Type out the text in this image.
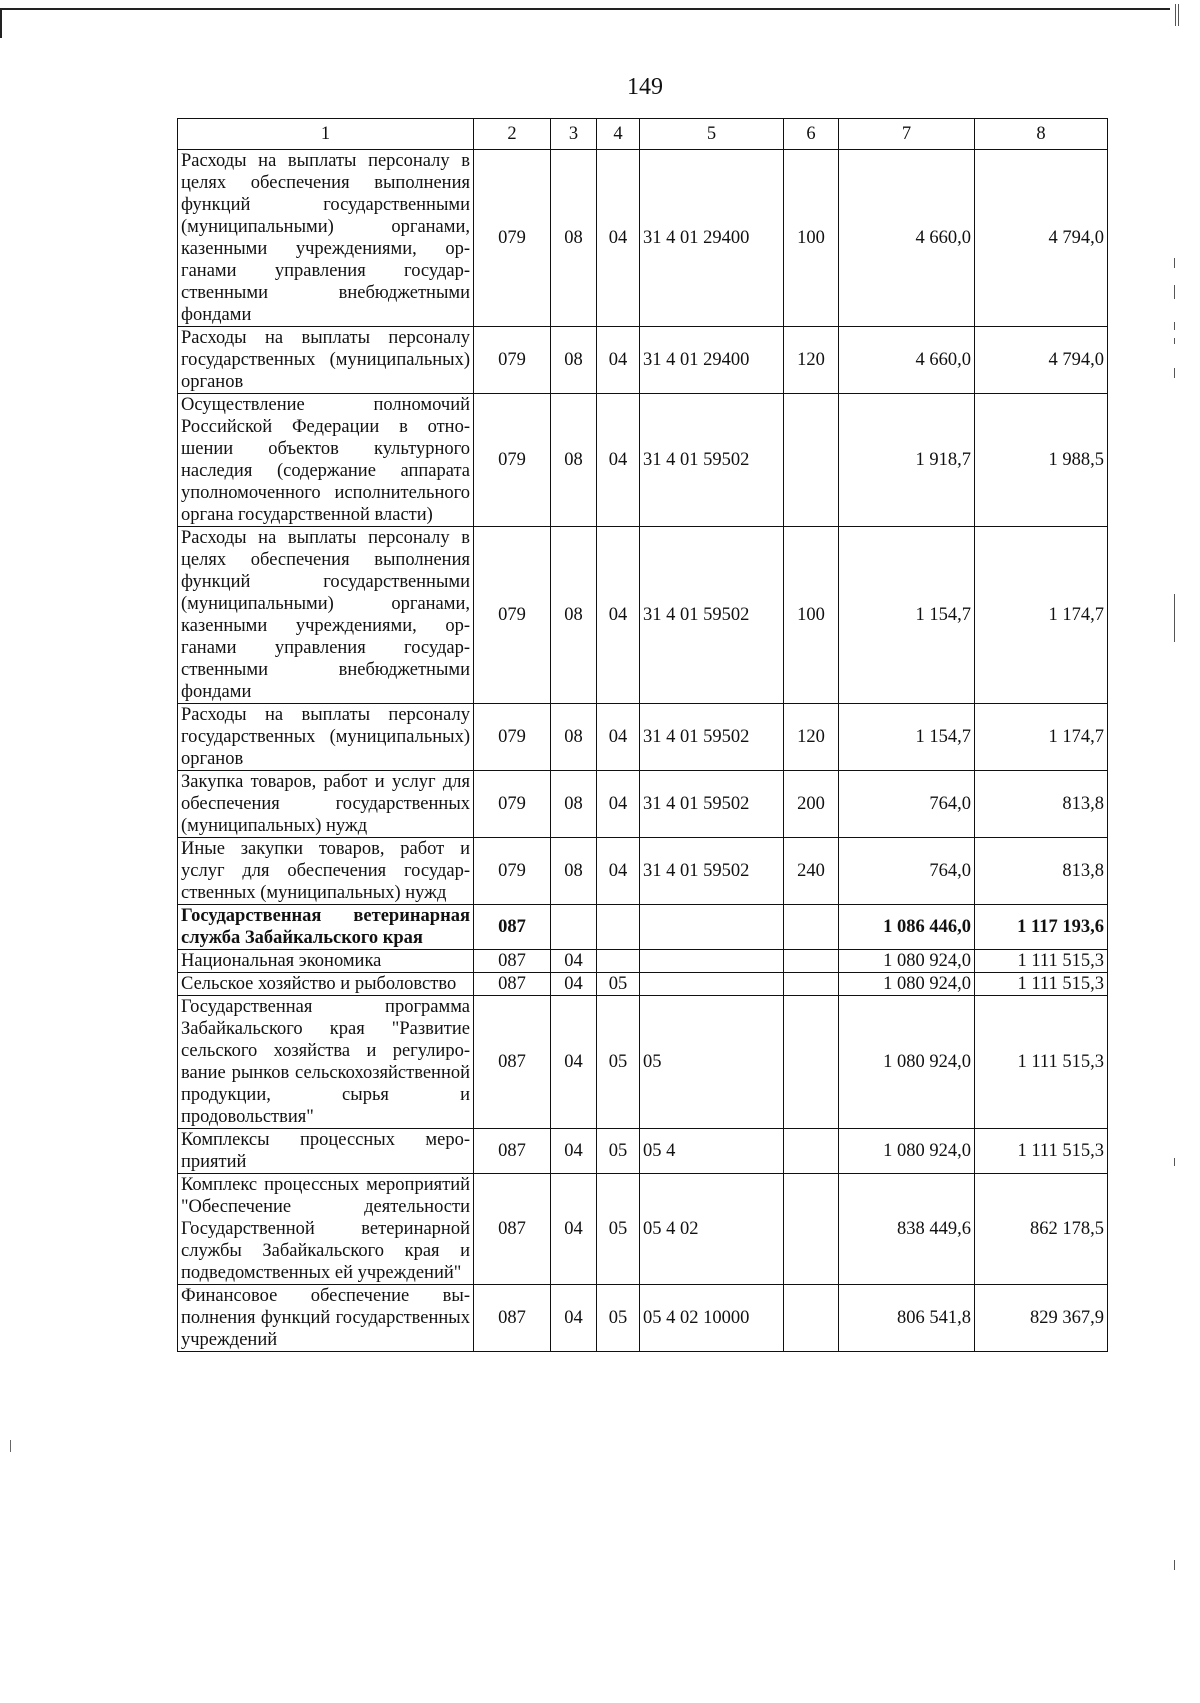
149
1	2	3	4	5	6	7	8
Расходы на выплаты персоналу в целях обеспечения выполнения функций государственными (муниципальными) органами, казенными учреждениями, органами управления государственными внебюджетными фондами	079	08	04	31 4 01 29400	100	4 660,0	4 794,0
Расходы на выплаты персоналу государственных (муниципальных) органов	079	08	04	31 4 01 29400	120	4 660,0	4 794,0
Осуществление полномочий Российской Федерации в отношении объектов культурного наследия (содержание аппарата уполномоченного исполнительного органа государственной власти)	079	08	04	31 4 01 59502		1 918,7	1 988,5
Расходы на выплаты персоналу в целях обеспечения выполнения функций государственными (муниципальными) органами, казенными учреждениями, органами управления государственными внебюджетными фондами	079	08	04	31 4 01 59502	100	1 154,7	1 174,7
Расходы на выплаты персоналу государственных (муниципальных) органов	079	08	04	31 4 01 59502	120	1 154,7	1 174,7
Закупка товаров, работ и услуг для обеспечения государственных (муниципальных) нужд	079	08	04	31 4 01 59502	200	764,0	813,8
Иные закупки товаров, работ и услуг для обеспечения государственных (муниципальных) нужд	079	08	04	31 4 01 59502	240	764,0	813,8
Государственная ветеринарная служба Забайкальского края	087					1 086 446,0	1 117 193,6
Национальная экономика	087	04				1 080 924,0	1 111 515,3
Сельское хозяйство и рыболовство	087	04	05			1 080 924,0	1 111 515,3
Государственная программа Забайкальского края "Развитие сельского хозяйства и регулирование рынков сельскохозяйственной продукции, сырья и продовольствия"	087	04	05	05		1 080 924,0	1 111 515,3
Комплексы процессных мероприятий	087	04	05	05 4		1 080 924,0	1 111 515,3
Комплекс процессных мероприятий "Обеспечение деятельности Государственной ветеринарной службы Забайкальского края и подведомственных ей учреждений"	087	04	05	05 4 02		838 449,6	862 178,5
Финансовое обеспечение выполнения функций государственных учреждений	087	04	05	05 4 02 10000		806 541,8	829 367,9
